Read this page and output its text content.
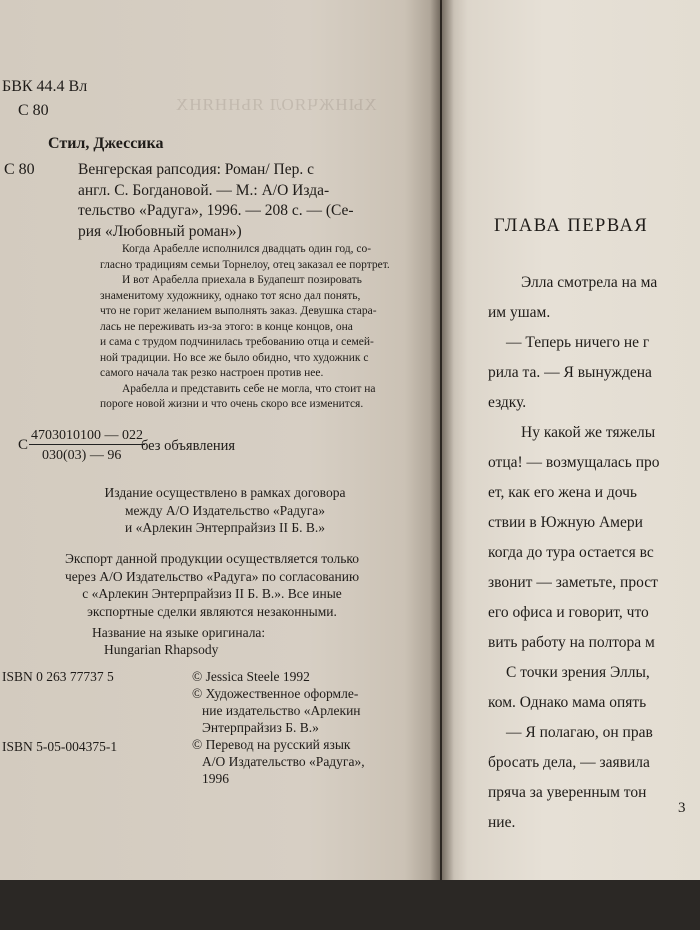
ХЫНЖЧЯОЛ ЯЬННЯНХ
БВК 44.4 Вл
С 80
Стил, Джессика
С 80	Венгерская рапсодия: Роман/ Пер. с
англ. С. Богдановой. — М.: А/О Изда-
тельство «Радуга», 1996. — 208 с. — (Се-
рия «Любовный роман»)

Когда Арабелле исполнился двадцать один год, со-

гласно традициям семьи Торнелоу, отец заказал ее портрет.

И вот Арабелла приехала в Будапешт позировать

знаменитому художнику, однако тот ясно дал понять,

что не горит желанием выполнять заказ. Девушка стара-

лась не переживать из-за этого: в конце концов, она

и сама с трудом подчинилась требованию отца и семей-

ной традиции. Но все же было обидно, что художник с

самого начала так резко настроен против нее.

Арабелла и представить себе не могла, что стоит на

пороге новой жизни и что очень скоро все изменится.

С
4703010100 — 022
030(03) — 96
без объявления
Издание осуществлено в рамках договора
между А/О Издательство «Радуга»
и «Арлекин Энтерпрайзиз II Б. В.»
Экспорт данной продукции осуществляется только
через А/О Издательство «Радуга» по согласованию
с «Арлекин Энтерпрайзиз II Б. В.». Все иные
экспортные сделки являются незаконными.
Название на языке оригинала:
Hungarian Rhapsody
ISBN 0 263 77737 5
ISBN 5-05-004375-1
© Jessica Steele 1992
© Художественное оформле-
ние издательство «Арлекин
Энтерпрайзиз Б. В.»
© Перевод на русский язык
А/О Издательство «Радуга»,
1996
ГЛАВА ПЕРВАЯ
Элла смотрела на ма
им ушам.
— Теперь ничего не г
рила та. — Я вынуждена
ездку.
Ну какой же тяжелы
отца! — возмущалась про
ет, как его жена и дочь
ствии в Южную Амери
когда до тура остается вс
звонит — заметьте, прост
его офиса и говорит, что
вить работу на полтора м
С точки зрения Эллы,
ком. Однако мама опять
— Я полагаю, он прав
бросать дела, — заявила
пряча за уверенным тон
ние.
3
